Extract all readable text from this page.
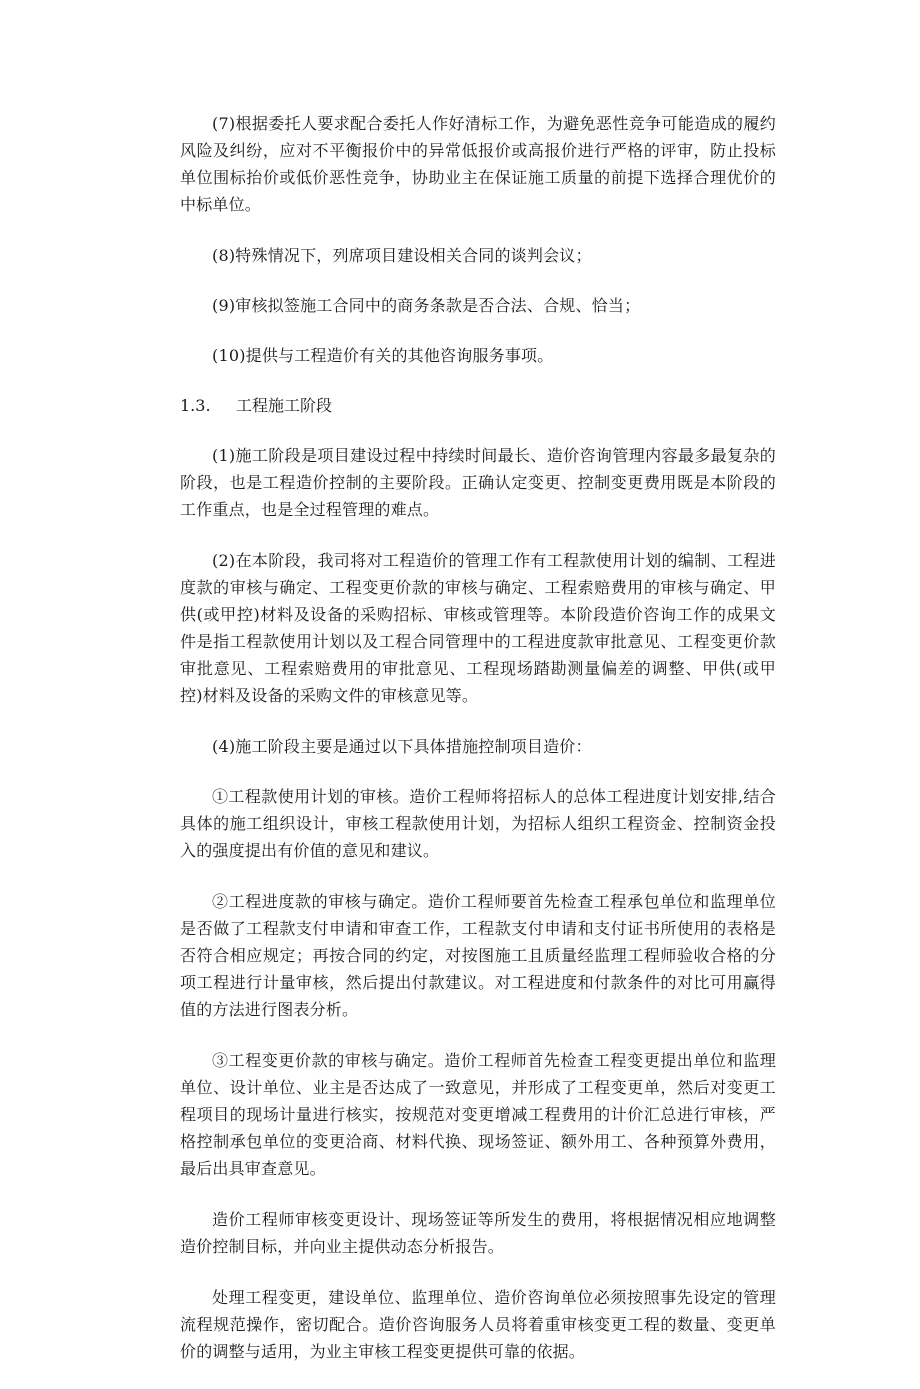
(7)根据委托人要求配合委托人作好清标工作，为避免恶性竞争可能造成的履约风险及纠纷，应对不平衡报价中的异常低报价或高报价进行严格的评审，防止投标单位围标抬价或低价恶性竞争，协助业主在保证施工质量的前提下选择合理优价的中标单位。

(8)特殊情况下，列席项目建设相关合同的谈判会议；

(9)审核拟签施工合同中的商务条款是否合法、合规、恰当；

(10)提供与工程造价有关的其他咨询服务事项。

1.3.	工程施工阶段

(1)施工阶段是项目建设过程中持续时间最长、造价咨询管理内容最多最复杂的阶段，也是工程造价控制的主要阶段。正确认定变更、控制变更费用既是本阶段的工作重点，也是全过程管理的难点。

(2)在本阶段，我司将对工程造价的管理工作有工程款使用计划的编制、工程进度款的审核与确定、工程变更价款的审核与确定、工程索赔费用的审核与确定、甲供(或甲控)材料及设备的采购招标、审核或管理等。本阶段造价咨询工作的成果文件是指工程款使用计划以及工程合同管理中的工程进度款审批意见、工程变更价款审批意见、工程索赔费用的审批意见、工程现场踏勘测量偏差的调整、甲供(或甲控)材料及设备的采购文件的审核意见等。

(4)施工阶段主要是通过以下具体措施控制项目造价：

①工程款使用计划的审核。造价工程师将招标人的总体工程进度计划安排,结合具体的施工组织设计，审核工程款使用计划，为招标人组织工程资金、控制资金投入的强度提出有价值的意见和建议。

②工程进度款的审核与确定。造价工程师要首先检查工程承包单位和监理单位是否做了工程款支付申请和审查工作，工程款支付申请和支付证书所使用的表格是否符合相应规定；再按合同的约定，对按图施工且质量经监理工程师验收合格的分项工程进行计量审核，然后提出付款建议。对工程进度和付款条件的对比可用赢得值的方法进行图表分析。

③工程变更价款的审核与确定。造价工程师首先检查工程变更提出单位和监理单位、设计单位、业主是否达成了一致意见，并形成了工程变更单，然后对变更工程项目的现场计量进行核实，按规范对变更增减工程费用的计价汇总进行审核，严格控制承包单位的变更洽商、材料代换、现场签证、额外用工、各种预算外费用，最后出具审查意见。

造价工程师审核变更设计、现场签证等所发生的费用，将根据情况相应地调整造价控制目标，并向业主提供动态分析报告。

处理工程变更，建设单位、监理单位、造价咨询单位必须按照事先设定的管理流程规范操作，密切配合。造价咨询服务人员将着重审核变更工程的数量、变更单价的调整与适用，为业主审核工程变更提供可靠的依据。
